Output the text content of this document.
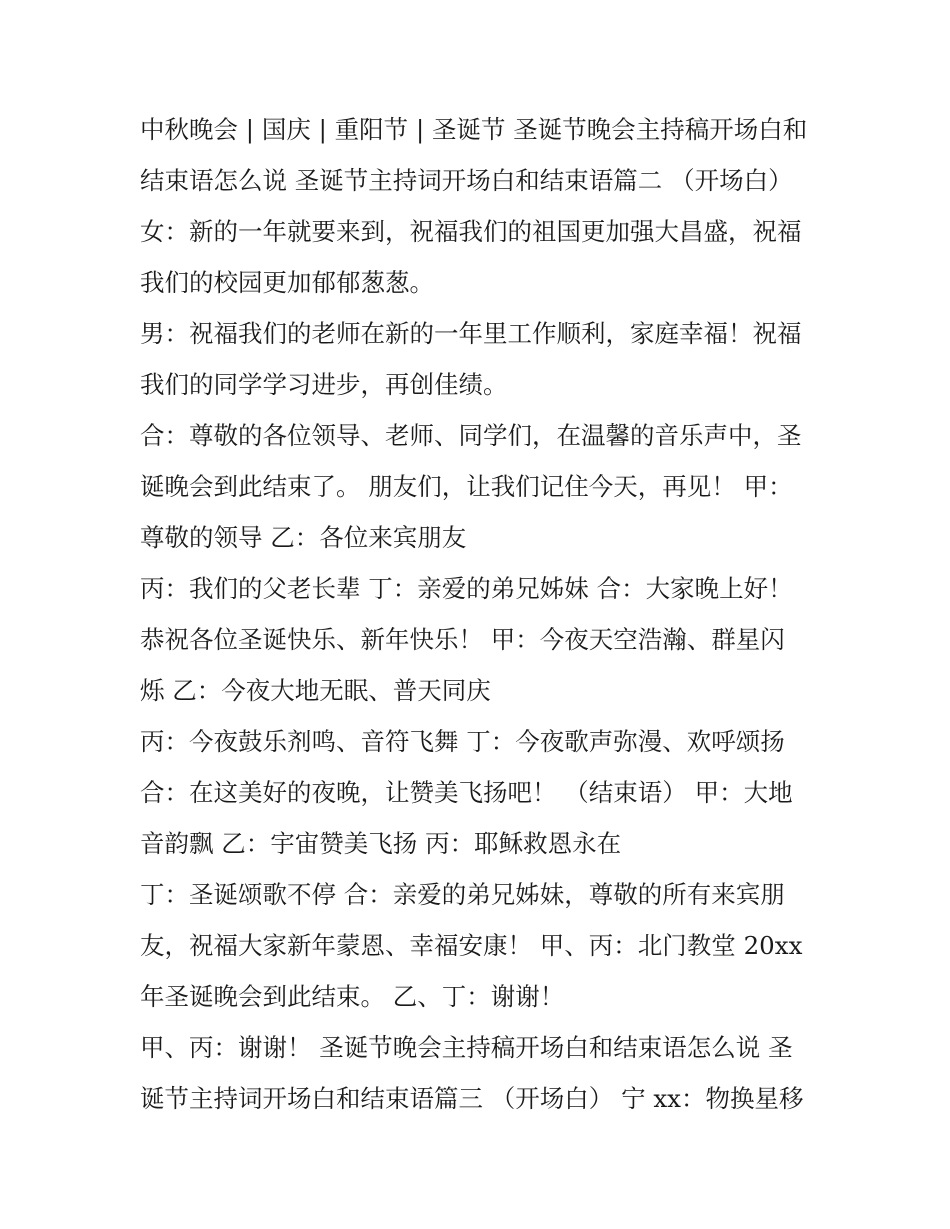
中秋晚会 | 国庆 | 重阳节 | 圣诞节 圣诞节晚会主持稿开场白和
结束语怎么说 圣诞节主持词开场白和结束语篇二 （开场白）
女：新的一年就要来到，祝福我们的祖国更加强大昌盛，祝福
我们的校园更加郁郁葱葱。
男：祝福我们的老师在新的一年里工作顺利，家庭幸福！祝福
我们的同学学习进步，再创佳绩。
合：尊敬的各位领导、老师、同学们，在温馨的音乐声中，圣
诞晚会到此结束了。 朋友们，让我们记住今天，再见！ 甲：
尊敬的领导 乙：各位来宾朋友
丙：我们的父老长辈 丁：亲爱的弟兄姊妹 合：大家晚上好！
恭祝各位圣诞快乐、新年快乐！ 甲：今夜天空浩瀚、群星闪
烁 乙：今夜大地无眠、普天同庆
丙：今夜鼓乐剂鸣、音符飞舞 丁：今夜歌声弥漫、欢呼颂扬
合：在这美好的夜晚，让赞美飞扬吧！ （结束语） 甲：大地
音韵飘 乙：宇宙赞美飞扬 丙：耶稣救恩永在
丁：圣诞颂歌不停 合：亲爱的弟兄姊妹，尊敬的所有来宾朋
友，祝福大家新年蒙恩、幸福安康！ 甲、丙：北门教堂 20xx
年圣诞晚会到此结束。 乙、丁：谢谢！
甲、丙：谢谢！ 圣诞节晚会主持稿开场白和结束语怎么说 圣
诞节主持词开场白和结束语篇三 （开场白） 宁 xx：物换星移
